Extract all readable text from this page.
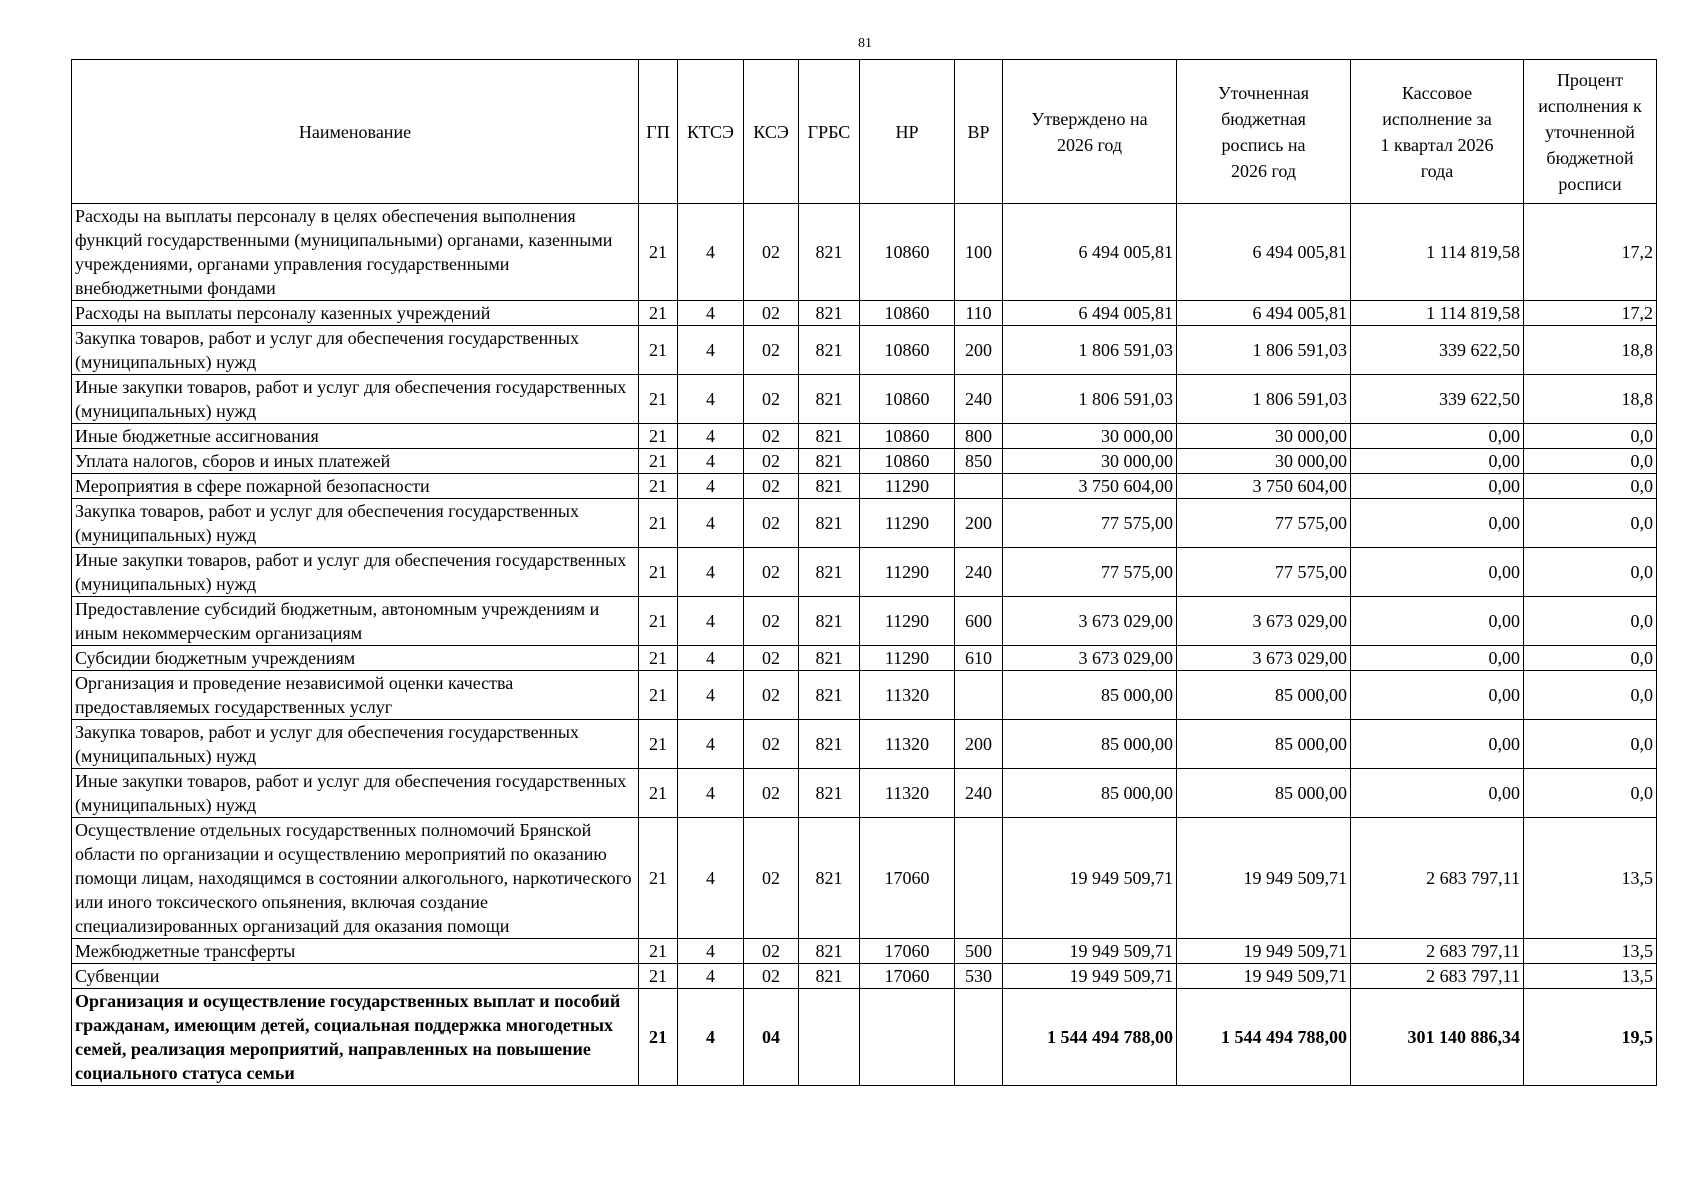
81
Наименование	ГП	КТСЭ	КСЭ	ГРБС	НР	ВР	Утверждено на 2026 год	Уточненная бюджетная роспись на 2026 год	Кассовое исполнение за 1 квартал 2026 года	Процент исполнения к уточненной бюджетной росписи
Расходы на выплаты персоналу в целях обеспечения выполнения функций государственными (муниципальными) органами, казенными учреждениями, органами управления государственными внебюджетными фондами	21	4	02	821	10860	100	6 494 005,81	6 494 005,81	1 114 819,58	17,2
Расходы на выплаты персоналу казенных учреждений	21	4	02	821	10860	110	6 494 005,81	6 494 005,81	1 114 819,58	17,2
Закупка товаров, работ и услуг для обеспечения государственных (муниципальных) нужд	21	4	02	821	10860	200	1 806 591,03	1 806 591,03	339 622,50	18,8
Иные закупки товаров, работ и услуг для обеспечения государственных (муниципальных) нужд	21	4	02	821	10860	240	1 806 591,03	1 806 591,03	339 622,50	18,8
Иные бюджетные ассигнования	21	4	02	821	10860	800	30 000,00	30 000,00	0,00	0,0
Уплата налогов, сборов и иных платежей	21	4	02	821	10860	850	30 000,00	30 000,00	0,00	0,0
Мероприятия в сфере пожарной безопасности	21	4	02	821	11290		3 750 604,00	3 750 604,00	0,00	0,0
Закупка товаров, работ и услуг для обеспечения государственных (муниципальных) нужд	21	4	02	821	11290	200	77 575,00	77 575,00	0,00	0,0
Иные закупки товаров, работ и услуг для обеспечения государственных (муниципальных) нужд	21	4	02	821	11290	240	77 575,00	77 575,00	0,00	0,0
Предоставление субсидий бюджетным, автономным учреждениям и иным некоммерческим организациям	21	4	02	821	11290	600	3 673 029,00	3 673 029,00	0,00	0,0
Субсидии бюджетным учреждениям	21	4	02	821	11290	610	3 673 029,00	3 673 029,00	0,00	0,0
Организация и проведение независимой оценки качества предоставляемых государственных услуг	21	4	02	821	11320		85 000,00	85 000,00	0,00	0,0
Закупка товаров, работ и услуг для обеспечения государственных (муниципальных) нужд	21	4	02	821	11320	200	85 000,00	85 000,00	0,00	0,0
Иные закупки товаров, работ и услуг для обеспечения государственных (муниципальных) нужд	21	4	02	821	11320	240	85 000,00	85 000,00	0,00	0,0
Осуществление отдельных государственных полномочий Брянской области по организации и осуществлению мероприятий по оказанию помощи лицам, находящимся в состоянии алкогольного, наркотического или иного токсического опьянения, включая создание специализированных организаций для оказания помощи	21	4	02	821	17060		19 949 509,71	19 949 509,71	2 683 797,11	13,5
Межбюджетные трансферты	21	4	02	821	17060	500	19 949 509,71	19 949 509,71	2 683 797,11	13,5
Субвенции	21	4	02	821	17060	530	19 949 509,71	19 949 509,71	2 683 797,11	13,5
Организация и осуществление государственных выплат и пособий гражданам, имеющим детей, социальная поддержка многодетных семей, реализация мероприятий, направленных на повышение социального статуса семьи	21	4	04				1 544 494 788,00	1 544 494 788,00	301 140 886,34	19,5
